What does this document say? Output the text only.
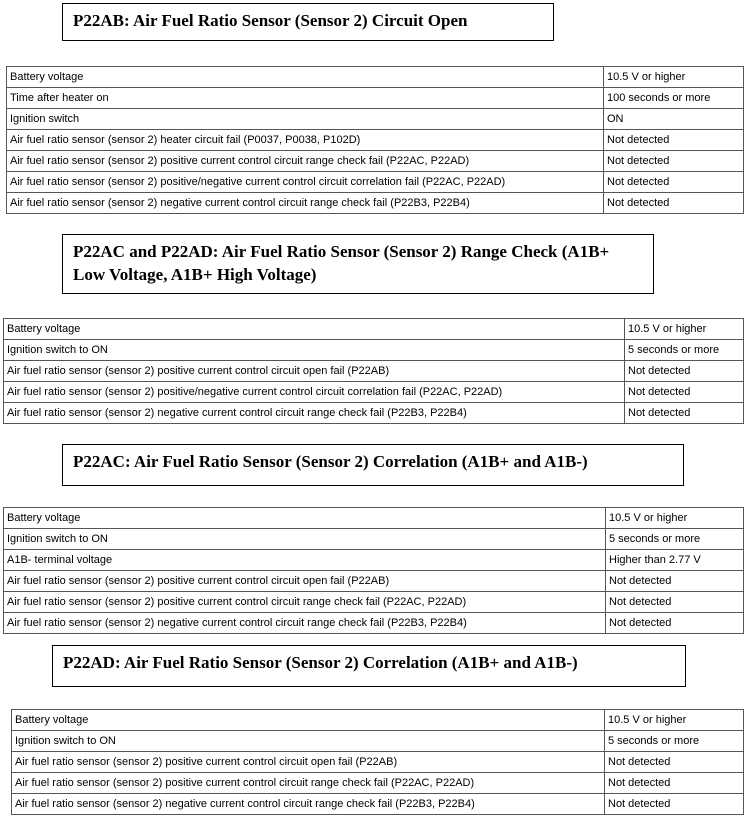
P22AB: Air Fuel Ratio Sensor (Sensor 2) Circuit Open
Battery voltage	10.5 V or higher
Time after heater on	100 seconds or more
Ignition switch	ON
Air fuel ratio sensor (sensor 2) heater circuit fail (P0037, P0038, P102D)	Not detected
Air fuel ratio sensor (sensor 2) positive current control circuit range check fail (P22AC, P22AD)	Not detected
Air fuel ratio sensor (sensor 2) positive/negative current control circuit correlation fail (P22AC, P22AD)	Not detected
Air fuel ratio sensor (sensor 2) negative current control circuit range check fail (P22B3, P22B4)	Not detected
P22AC and P22AD: Air Fuel Ratio Sensor (Sensor 2) Range Check (A1B+ Low Voltage, A1B+ High Voltage)
Battery voltage	10.5 V or higher
Ignition switch to ON	5 seconds or more
Air fuel ratio sensor (sensor 2) positive current control circuit open fail (P22AB)	Not detected
Air fuel ratio sensor (sensor 2) positive/negative current control circuit correlation fail (P22AC, P22AD)	Not detected
Air fuel ratio sensor (sensor 2) negative current control circuit range check fail (P22B3, P22B4)	Not detected
P22AC: Air Fuel Ratio Sensor (Sensor 2) Correlation (A1B+ and A1B-)
Battery voltage	10.5 V or higher
Ignition switch to ON	5 seconds or more
A1B- terminal voltage	Higher than 2.77 V
Air fuel ratio sensor (sensor 2) positive current control circuit open fail (P22AB)	Not detected
Air fuel ratio sensor (sensor 2) positive current control circuit range check fail (P22AC, P22AD)	Not detected
Air fuel ratio sensor (sensor 2) negative current control circuit range check fail (P22B3, P22B4)	Not detected
P22AD: Air Fuel Ratio Sensor (Sensor 2) Correlation (A1B+ and A1B-)
Battery voltage	10.5 V or higher
Ignition switch to ON	5 seconds or more
Air fuel ratio sensor (sensor 2) positive current control circuit open fail (P22AB)	Not detected
Air fuel ratio sensor (sensor 2) positive current control circuit range check fail (P22AC, P22AD)	Not detected
Air fuel ratio sensor (sensor 2) negative current control circuit range check fail (P22B3, P22B4)	Not detected
